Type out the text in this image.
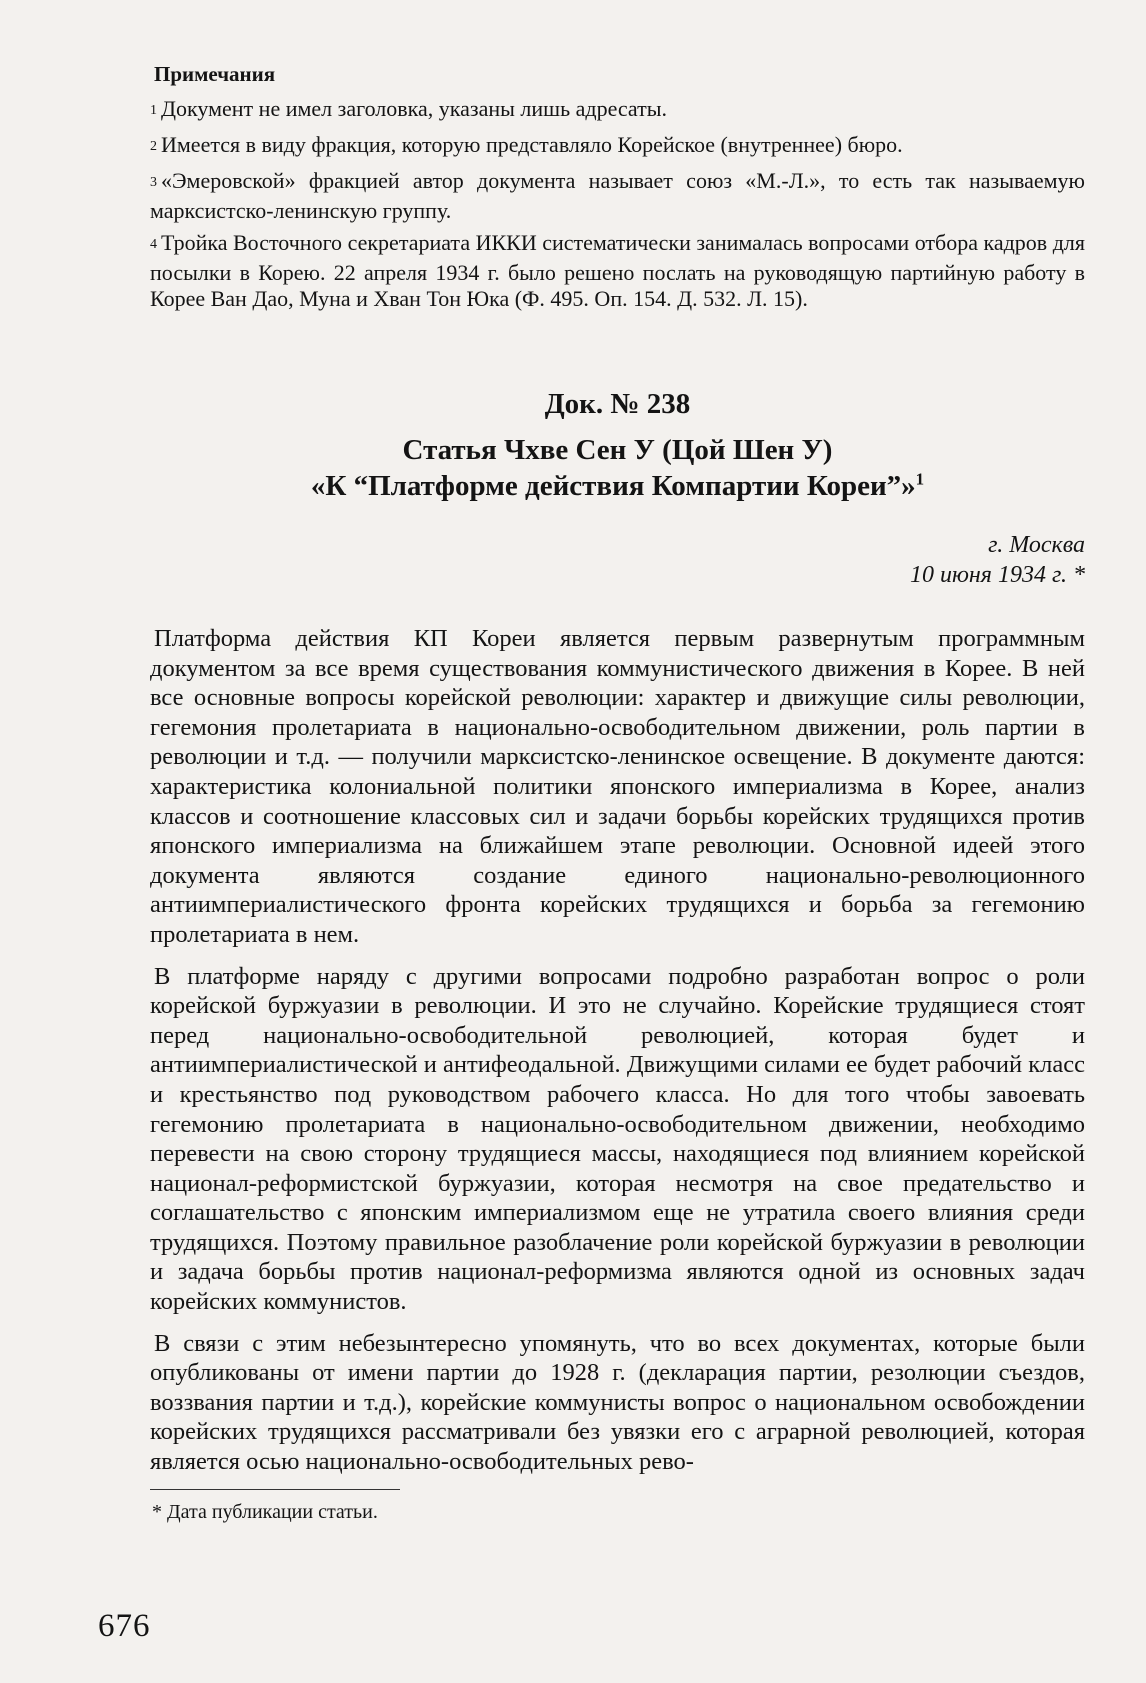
Примечания
$^1$ Документ не имел заголовка, указаны лишь адресаты.
$^2$ Имеется в виду фракция, которую представляло Корейское (внутреннее) бюро.
$^3$ «Эмеровской» фракцией автор документа называет союз «М.-Л.», то есть так называемую марксистско-ленинскую группу.
$^4$ Тройка Восточного секретариата ИККИ систематически занималась вопросами отбора кадров для посылки в Корею. 22 апреля 1934 г. было решено послать на руководящую партийную работу в Корее Ван Дао, Муна и Хван Тон Юка (Ф. 495. Оп. 154. Д. 532. Л. 15).
Док. № 238
Статья Чхве Сен У (Цой Шен У)
«К “Платформе действия Компартии Кореи”»$^1$
г. Москва
10 июня 1934 г. *

Платформа действия КП Кореи является первым развернутым программным документом за все время существования коммунистического движения в Корее. В ней все основные вопросы корейской революции: характер и движущие силы революции, гегемония пролетариата в национально-освободительном движении, роль партии в революции и т.д. — получили марксистско-ленинское освещение. В документе даются: характеристика колониальной политики японского империализма в Корее, анализ классов и соотношение классовых сил и задачи борьбы корейских трудящихся против японского империализма на ближайшем этапе революции. Основной идеей этого документа являются создание единого национально-революционного антиимпериалистического фронта корейских трудящихся и борьба за гегемонию пролетариата в нем.

В платформе наряду с другими вопросами подробно разработан вопрос о роли корейской буржуазии в революции. И это не случайно. Корейские трудящиеся стоят перед национально-освободительной революцией, которая будет и антиимпериалистической и антифеодальной. Движущими силами ее будет рабочий класс и крестьянство под руководством рабочего класса. Но для того чтобы завоевать гегемонию пролетариата в национально-освободительном движении, необходимо перевести на свою сторону трудящиеся массы, находящиеся под влиянием корейской национал-реформистской буржуазии, которая несмотря на свое предательство и соглашательство с японским империализмом еще не утратила своего влияния среди трудящихся. Поэтому правильное разоблачение роли корейской буржуазии в революции и задача борьбы против национал-реформизма являются одной из основных задач корейских коммунистов.

В связи с этим небезынтересно упомянуть, что во всех документах, которые были опубликованы от имени партии до 1928 г. (декларация партии, резолюции съездов, воззвания партии и т.д.), корейские коммунисты вопрос о национальном освобождении корейских трудящихся рассматривали без увязки его с аграрной революцией, которая является осью национально-освободительных рево-

* Дата публикации статьи.
676
